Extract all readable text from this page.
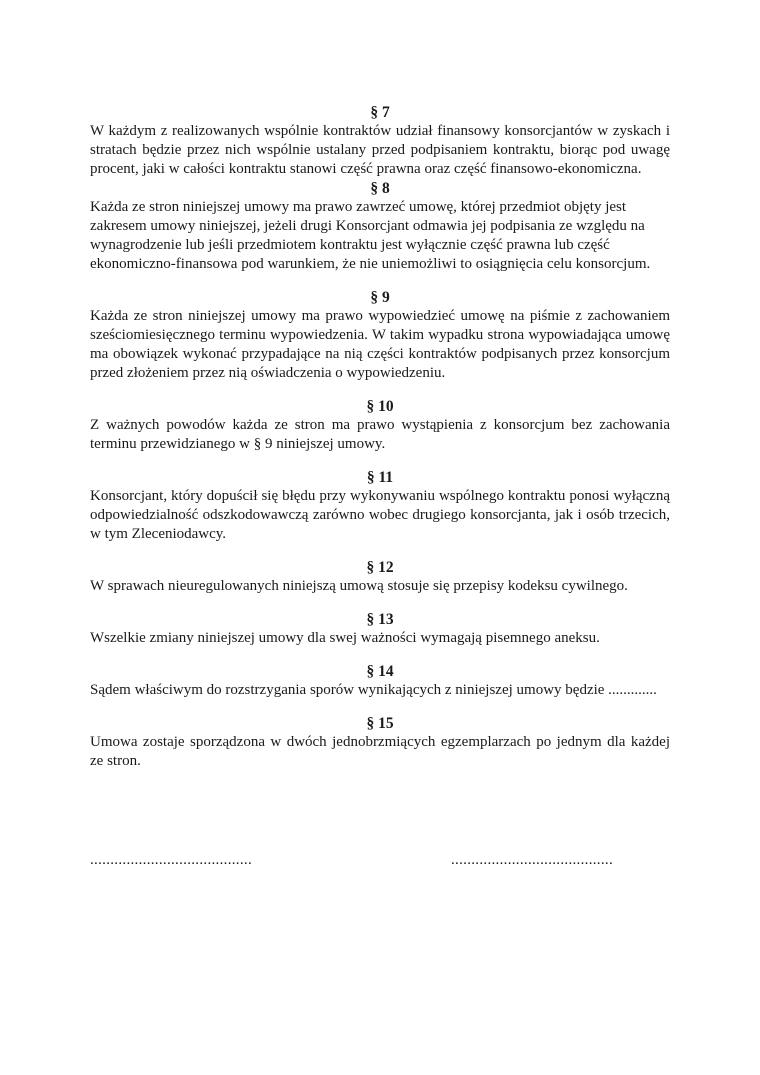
§ 7

W każdym z realizowanych wspólnie kontraktów udział finansowy konsorcjantów w zyskach i stratach będzie przez nich wspólnie ustalany przed podpisaniem kontraktu, biorąc pod uwagę procent, jaki w całości kontraktu stanowi część prawna oraz część finansowo-ekonomiczna.

§ 8

Każda ze stron niniejszej umowy ma prawo zawrzeć umowę, której przedmiot objęty jest zakresem umowy niniejszej, jeżeli drugi Konsorcjant odmawia jej podpisania ze względu na wynagrodzenie lub jeśli przedmiotem kontraktu jest wyłącznie część prawna lub część ekonomiczno-finansowa pod warunkiem, że nie uniemożliwi to osiągnięcia celu konsorcjum.

§ 9

Każda ze stron niniejszej umowy ma prawo wypowiedzieć umowę na piśmie z zachowaniem sześciomiesięcznego terminu wypowiedzenia. W takim wypadku strona wypowiadająca umowę ma obowiązek wykonać przypadające na nią części kontraktów podpisanych przez konsorcjum przed złożeniem przez nią oświadczenia o wypowiedzeniu.

§ 10

Z ważnych powodów każda ze stron ma prawo wystąpienia z konsorcjum bez zachowania terminu przewidzianego w § 9 niniejszej umowy.

§ 11

Konsorcjant, który dopuścił się błędu przy wykonywaniu wspólnego kontraktu ponosi wyłączną odpowiedzialność odszkodowawczą zarówno wobec drugiego konsorcjanta, jak i osób trzecich, w tym Zleceniodawcy.

§ 12

W sprawach nieuregulowanych niniejszą umową stosuje się przepisy kodeksu cywilnego.

§ 13

Wszelkie zmiany niniejszej umowy dla swej ważności wymagają pisemnego aneksu.

§ 14

Sądem właściwym do rozstrzygania sporów wynikających z niniejszej umowy będzie .............

§ 15

Umowa zostaje sporządzona w dwóch jednobrzmiących egzemplarzach po jednym dla każdej ze stron.

........................................	........................................
